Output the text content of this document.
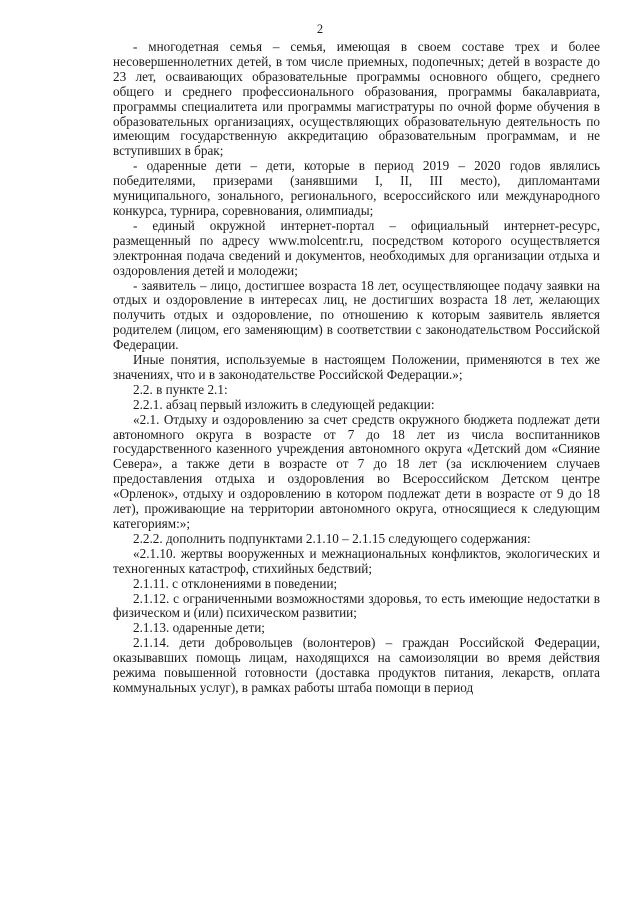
2

- многодетная семья – семья, имеющая в своем составе трех и более несовершеннолетних детей, в том числе приемных, подопечных; детей в возрасте до 23 лет, осваивающих образовательные программы основного общего, среднего общего и среднего профессионального образования, программы бакалавриата, программы специалитета или программы магистратуры по очной форме обучения в образовательных организациях, осуществляющих образовательную деятельность по имеющим государственную аккредитацию образовательным программам, и не вступивших в брак;

- одаренные дети – дети, которые в период 2019 – 2020 годов являлись победителями, призерами (занявшими I, II, III место), дипломантами муниципального, зонального, регионального, всероссийского или международного конкурса, турнира, соревнования, олимпиады;

- единый окружной интернет-портал – официальный интернет-ресурс, размещенный по адресу www.molcentr.ru, посредством которого осуществляется электронная подача сведений и документов, необходимых для организации отдыха и оздоровления детей и молодежи;

- заявитель – лицо, достигшее возраста 18 лет, осуществляющее подачу заявки на отдых и оздоровление в интересах лиц, не достигших возраста 18 лет, желающих получить отдых и оздоровление, по отношению к которым заявитель является родителем (лицом, его заменяющим) в соответствии с законодательством Российской Федерации.

Иные понятия, используемые в настоящем Положении, применяются в тех же значениях, что и в законодательстве Российской Федерации.»;

2.2. в пункте 2.1:

2.2.1. абзац первый изложить в следующей редакции:

«2.1. Отдыху и оздоровлению за счет средств окружного бюджета подлежат дети автономного округа в возрасте от 7 до 18 лет из числа воспитанников государственного казенного учреждения автономного округа «Детский дом «Сияние Севера», а также дети в возрасте от 7 до 18 лет (за исключением случаев предоставления отдыха и оздоровления во Всероссийском Детском центре «Орленок», отдыху и оздоровлению в котором подлежат дети в возрасте от 9 до 18 лет), проживающие на территории автономного округа, относящиеся к следующим категориям:»;

2.2.2. дополнить подпунктами 2.1.10 – 2.1.15 следующего содержания:

«2.1.10. жертвы вооруженных и межнациональных конфликтов, экологических и техногенных катастроф, стихийных бедствий;

2.1.11. с отклонениями в поведении;

2.1.12. с ограниченными возможностями здоровья, то есть имеющие недостатки в физическом и (или) психическом развитии;

2.1.13. одаренные дети;

2.1.14. дети добровольцев (волонтеров) – граждан Российской Федерации, оказывавших помощь лицам, находящихся на самоизоляции во время действия режима повышенной готовности (доставка продуктов питания, лекарств, оплата коммунальных услуг), в рамках работы штаба помощи в период
